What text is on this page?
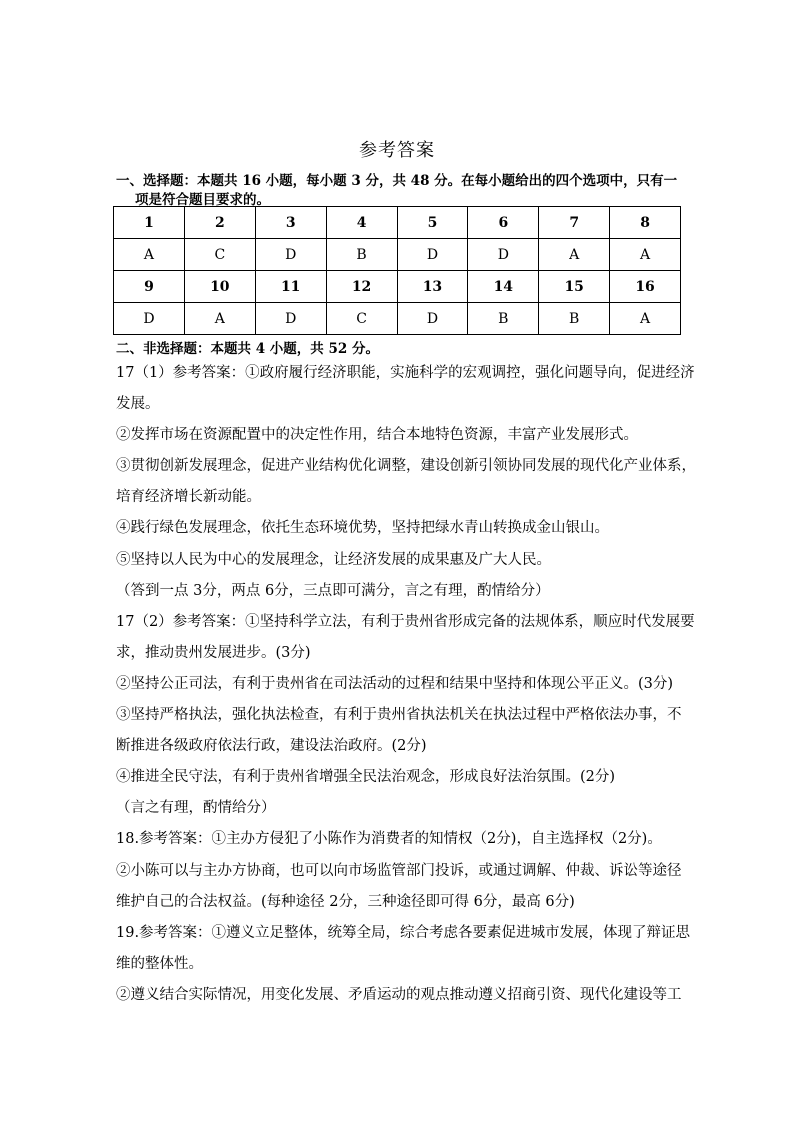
参考答案
一、选择题：本题共 16 小题，每小题 3 分，共 48 分。在每小题给出的四个选项中，只有一
项是符合题目要求的。
1	2	3	4	5	6	7	8
A	C	D	B	D	D	A	A
9	10	11	12	13	14	15	16
D	A	D	C	D	B	B	A
二、非选择题：本题共 4 小题，共 52 分。

17（1）参考答案：①政府履行经济职能，实施科学的宏观调控，强化问题导向，促进经济

发展。

②发挥市场在资源配置中的决定性作用，结合本地特色资源，丰富产业发展形式。

③贯彻创新发展理念，促进产业结构优化调整，建设创新引领协同发展的现代化产业体系，

培育经济增长新动能。

④践行绿色发展理念，依托生态环境优势，坚持把绿水青山转换成金山银山。

⑤坚持以人民为中心的发展理念，让经济发展的成果惠及广大人民。

（答到一点 3分，两点 6分，三点即可满分，言之有理，酌情给分）

17（2）参考答案：①坚持科学立法，有利于贵州省形成完备的法规体系，顺应时代发展要

求，推动贵州发展进步。(3分)

②坚持公正司法，有利于贵州省在司法活动的过程和结果中坚持和体现公平正义。(3分)

③坚持严格执法，强化执法检查，有利于贵州省执法机关在执法过程中严格依法办事，不

断推进各级政府依法行政，建设法治政府。(2分)

④推进全民守法，有利于贵州省增强全民法治观念，形成良好法治氛围。(2分)

（言之有理，酌情给分）

18.参考答案：①主办方侵犯了小陈作为消费者的知情权（2分)，自主选择权（2分)。

②小陈可以与主办方协商，也可以向市场监管部门投诉，或通过调解、仲裁、诉讼等途径

维护自己的合法权益。(每种途径 2分，三种途径即可得 6分，最高 6分)

19.参考答案：①遵义立足整体，统筹全局，综合考虑各要素促进城市发展，体现了辩证思

维的整体性。

②遵义结合实际情况，用变化发展、矛盾运动的观点推动遵义招商引资、现代化建设等工
